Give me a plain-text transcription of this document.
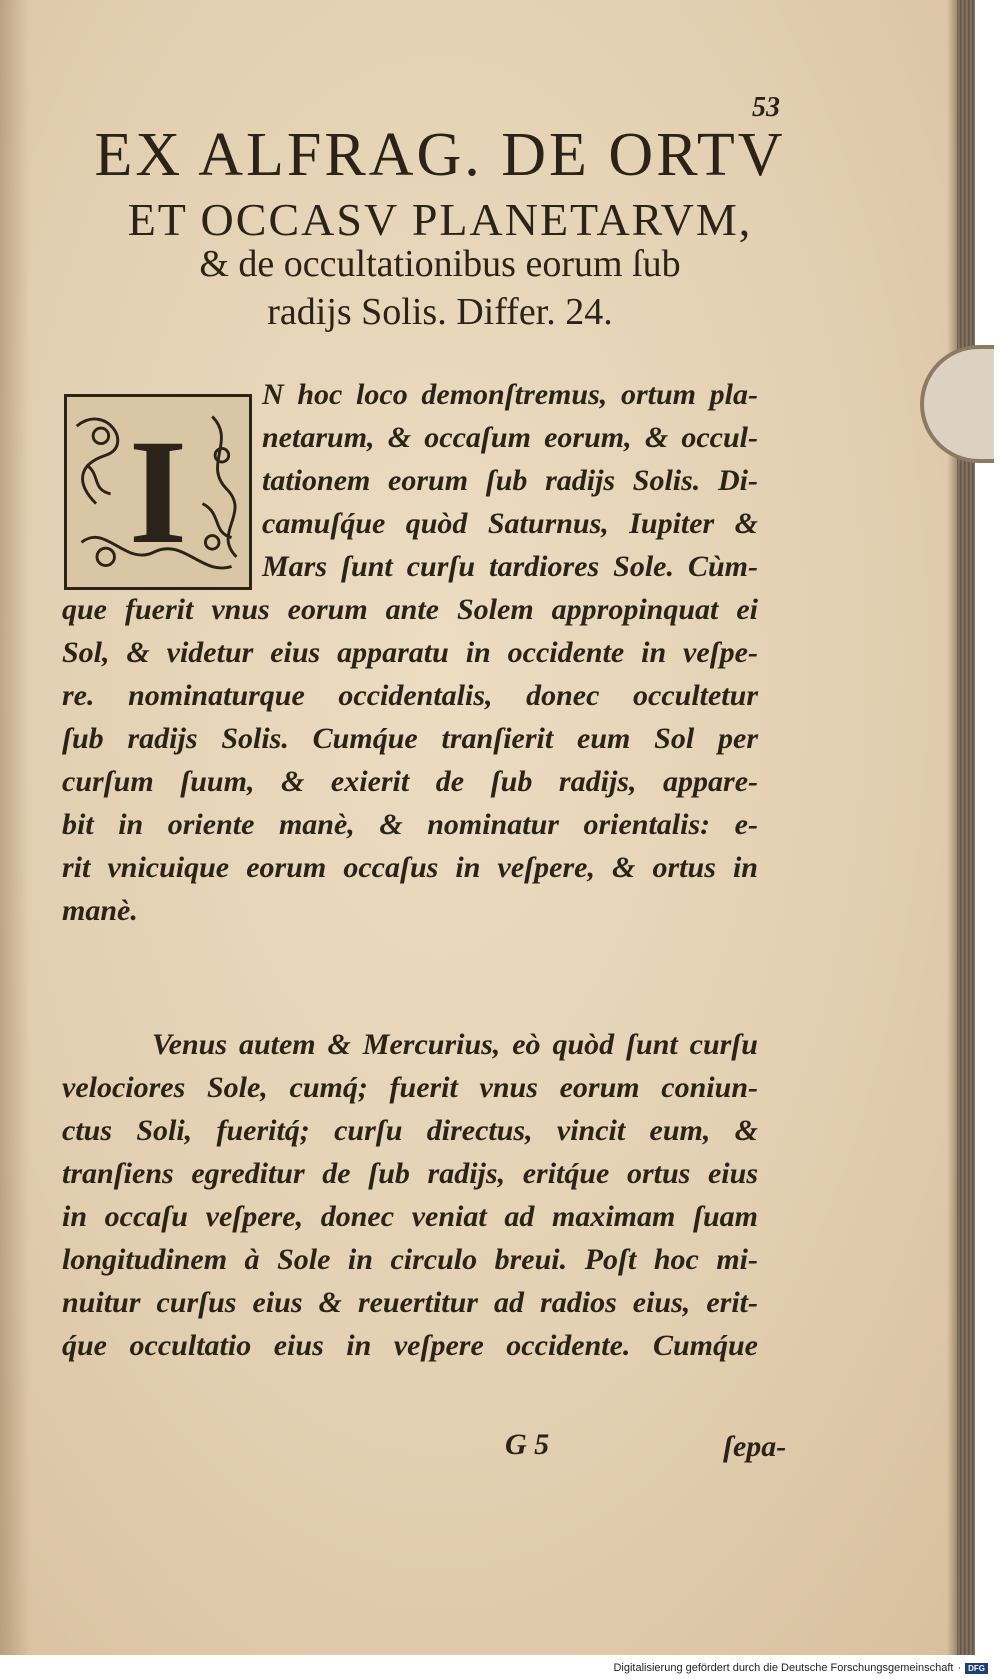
53
EX ALFRAG. DE ORTV
ET OCCASV PLANETARVM,
& de occultationibus eorum ſub
radijs Solis. Differ. 24.
I
N hoc loco demonſtremus, ortum pla-
netarum, & occaſum eorum, & occul-
tationem eorum ſub radijs Solis. Di-
camuſq́ue quòd Saturnus, Iupiter &
Mars ſunt curſu tardiores Sole. Cùm-
que fuerit vnus eorum ante Solem appropinquat ei
Sol, & videtur eius apparatu in occidente in veſpe-
re. nominaturque occidentalis, donec occultetur
ſub radijs Solis. Cumq́ue tranſierit eum Sol per
curſum ſuum, & exierit de ſub radijs, appare-
bit in oriente manè, & nominatur orientalis: e-
rit vnicuique eorum occaſus in veſpere, & ortus in
manè.
Venus autem & Mercurius, eò quòd ſunt curſu
velociores Sole, cumq́; fuerit vnus eorum coniun-
ctus Soli, fueritq́; curſu directus, vincit eum, &
tranſiens egreditur de ſub radijs, eritq́ue ortus eius
in occaſu veſpere, donec veniat ad maximam ſuam
longitudinem à Sole in circulo breui. Poſt hoc mi-
nuitur curſus eius & reuertitur ad radios eius, erit-
q́ue occultatio eius in veſpere occidente. Cumq́ue
G 5	ſepa-
Digitalisierung gefördert durch die Deutsche Forschungsgemeinschaft · DFG
